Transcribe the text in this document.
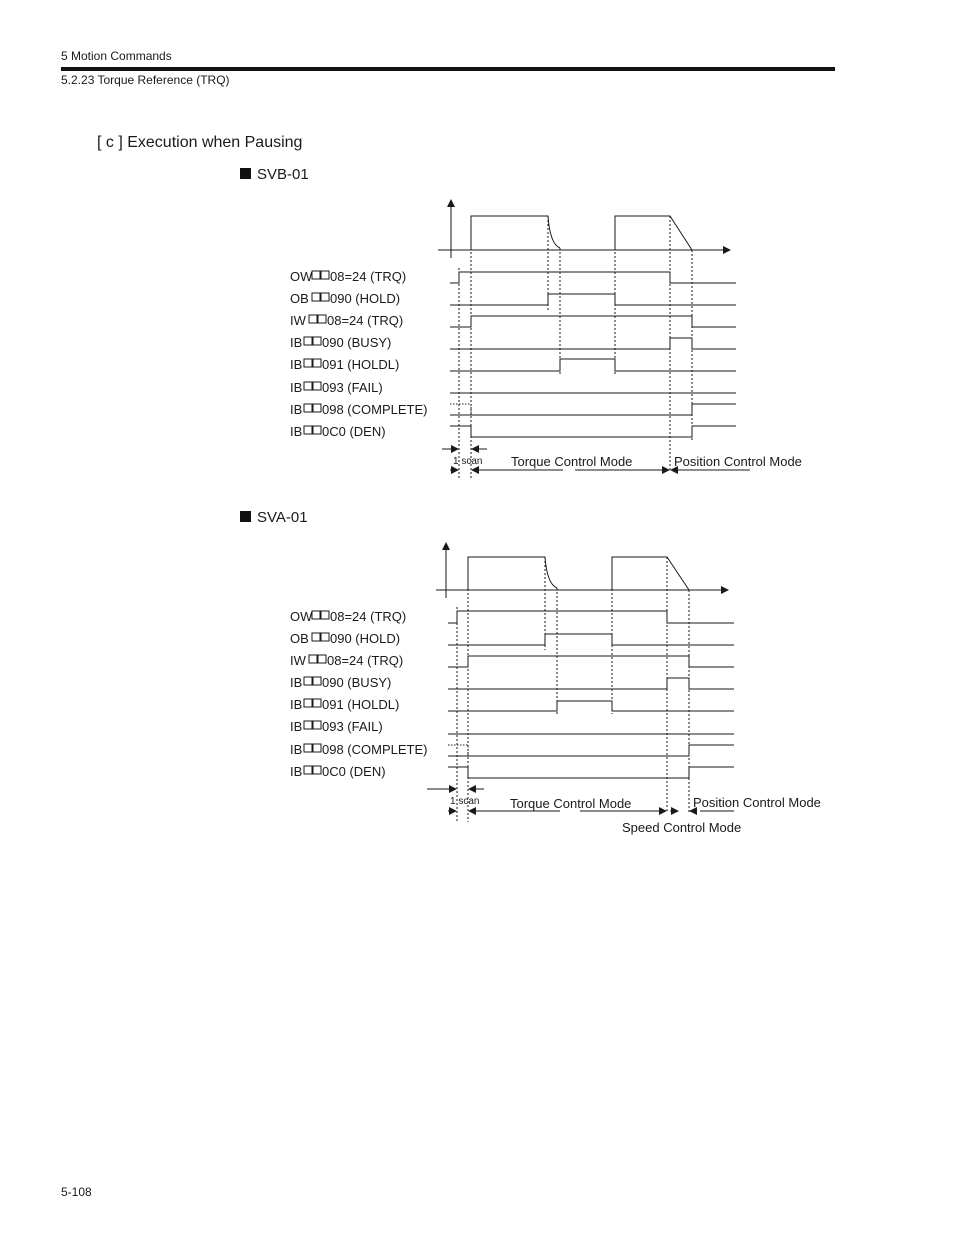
5 Motion Commands
5.2.23 Torque Reference (TRQ)
[ c ] Execution when Pausing
SVB-01
SVA-01
OW 08=24 (TRQ)
OB 090 (HOLD)
IW 08=24 (TRQ)
IB 090 (BUSY)
IB 091 (HOLDL)
IB 093 (FAIL)
IB 098 (COMPLETE)
IB 0C0 (DEN)
1 scan Torque Control Mode	Position Control Mode
OW 08=24 (TRQ)
OB 090 (HOLD)
IW 08=24 (TRQ)
IB 090 (BUSY)
IB 091 (HOLDL)
IB 093 (FAIL)
IB 098 (COMPLETE)
IB 0C0 (DEN)
1 scan Torque Control Mode	Position Control Mode
Speed Control Mode
5-108
